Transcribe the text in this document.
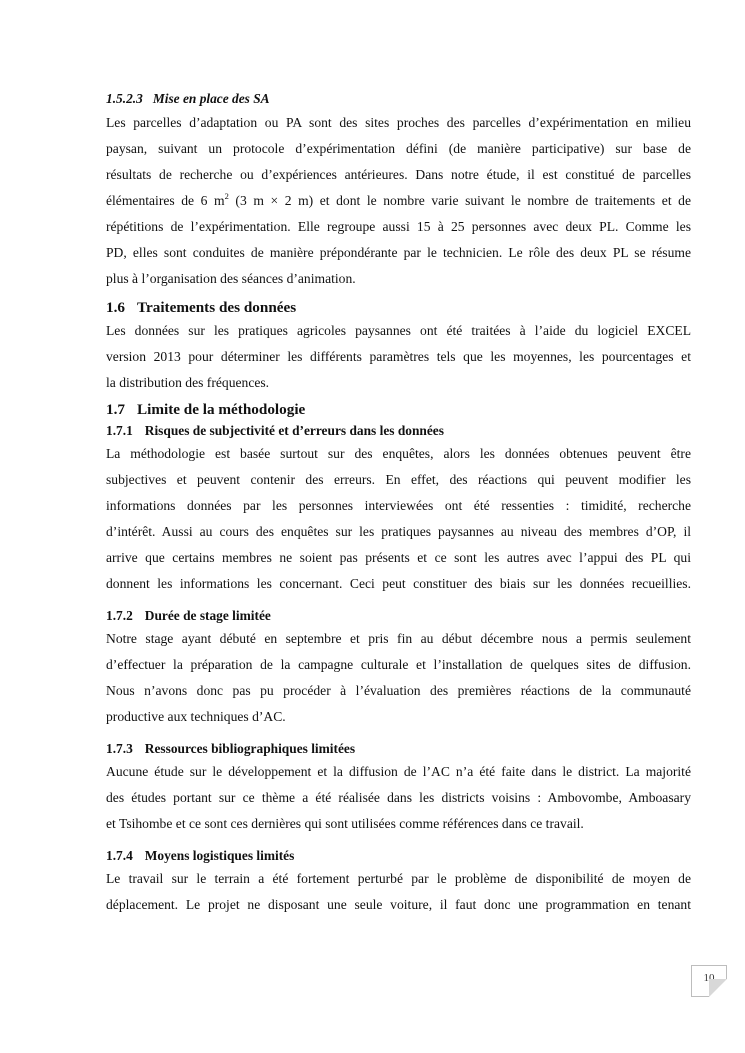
1.5.2.3 Mise en place des SA
Les parcelles d’adaptation ou PA sont des sites proches des parcelles d’expérimentation en milieu
paysan, suivant un protocole d’expérimentation défini (de manière participative) sur base de
résultats de recherche ou d’expériences antérieures. Dans notre étude, il est constitué de parcelles
élémentaires de 6 $m^2$ (3 m × 2 m) et dont le nombre varie suivant le nombre de traitements et de
répétitions de l’expérimentation. Elle regroupe aussi 15 à 25 personnes avec deux PL. Comme les
PD, elles sont conduites de manière prépondérante par le technicien. Le rôle des deux PL se résume
plus à l’organisation des séances d’animation.
1.6 Traitements des données
Les données sur les pratiques agricoles paysannes ont été traitées à l’aide du logiciel EXCEL
version 2013 pour déterminer les différents paramètres tels que les moyennes, les pourcentages et
la distribution des fréquences.
1.7 Limite de la méthodologie
1.7.1 Risques de subjectivité et d’erreurs dans les données
La méthodologie est basée surtout sur des enquêtes, alors les données obtenues peuvent être
subjectives et peuvent contenir des erreurs. En effet, des réactions qui peuvent modifier les
informations données par les personnes interviewées ont été ressenties : timidité, recherche
d’intérêt. Aussi au cours des enquêtes sur les pratiques paysannes au niveau des membres d’OP, il
arrive que certains membres ne soient pas présents et ce sont les autres avec l’appui des PL qui
donnent les informations les concernant. Ceci peut constituer des biais sur les données recueillies.
1.7.2 Durée de stage limitée
Notre stage ayant débuté en septembre et pris fin au début décembre nous a permis seulement
d’effectuer la préparation de la campagne culturale et l’installation de quelques sites de diffusion.
Nous n’avons donc pas pu procéder à l’évaluation des premières réactions de la communauté
productive aux techniques d’AC.
1.7.3 Ressources bibliographiques limitées
Aucune étude sur le développement et la diffusion de l’AC n’a été faite dans le district. La majorité
des études portant sur ce thème a été réalisée dans les districts voisins : Ambovombe, Amboasary
et Tsihombe et ce sont ces dernières qui sont utilisées comme références dans ce travail.
1.7.4 Moyens logistiques limités
Le travail sur le terrain a été fortement perturbé par le problème de disponibilité de moyen de
déplacement. Le projet ne disposant une seule voiture, il faut donc une programmation en tenant
10
